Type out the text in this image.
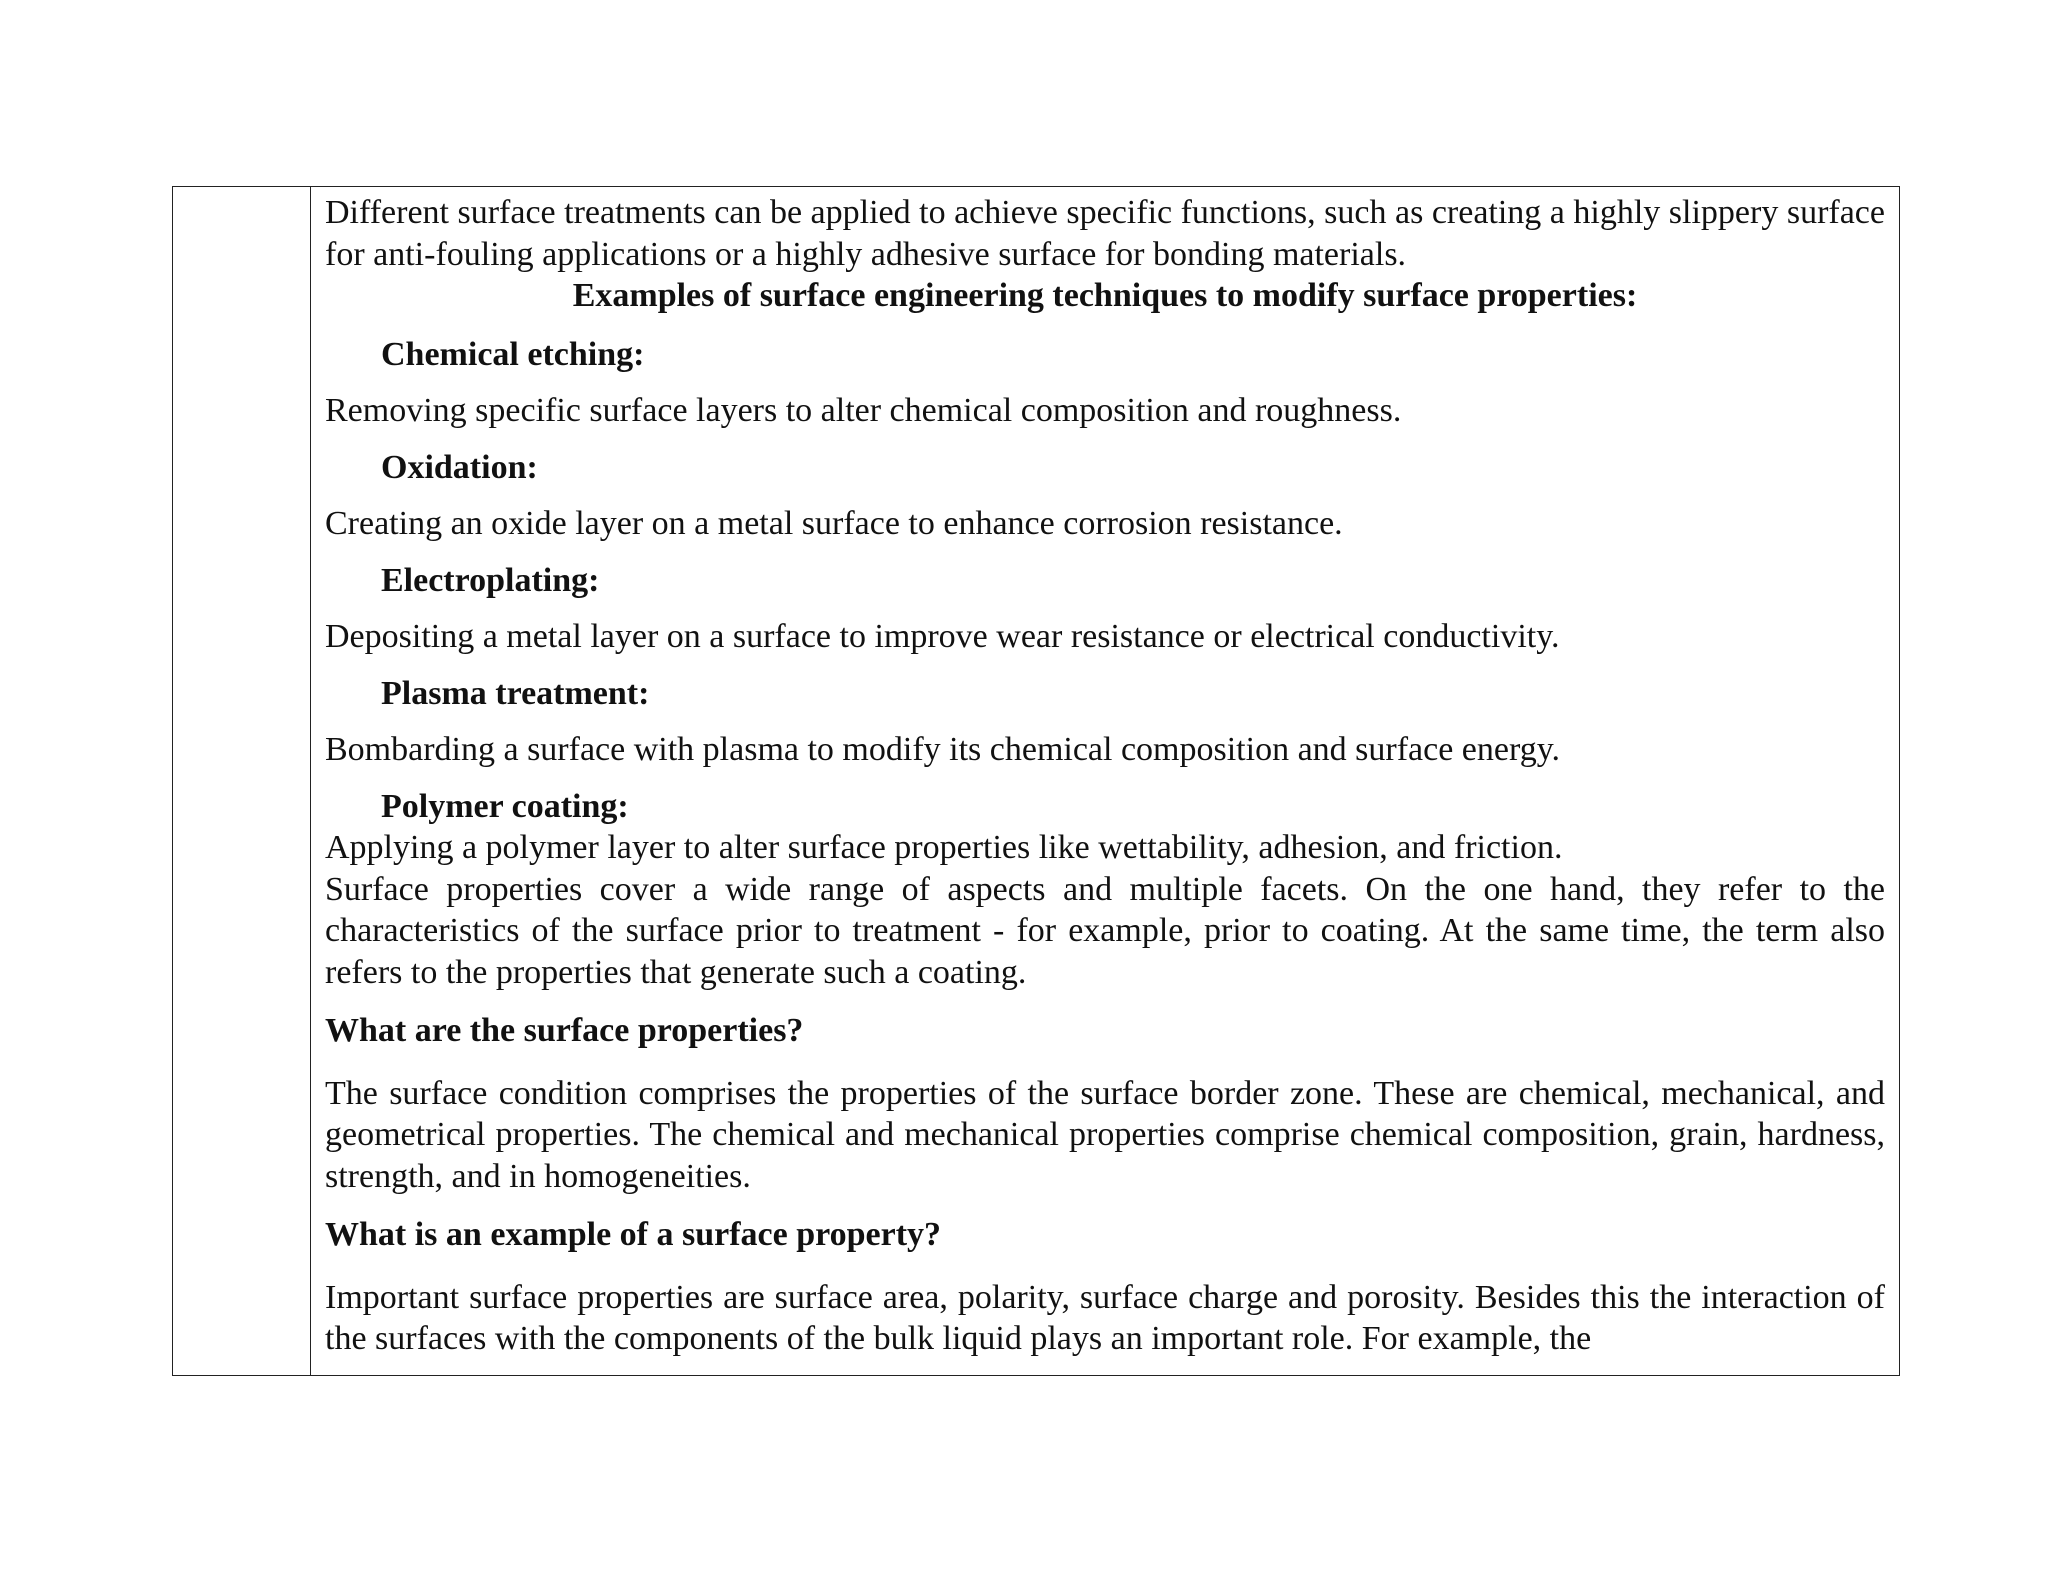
Different surface treatments can be applied to achieve specific functions, such as creating a highly slippery surface for anti-fouling applications or a highly adhesive surface for bonding materials.

Examples of surface engineering techniques to modify surface properties:

Chemical etching:

Removing specific surface layers to alter chemical composition and roughness.

Oxidation:

Creating an oxide layer on a metal surface to enhance corrosion resistance.

Electroplating:

Depositing a metal layer on a surface to improve wear resistance or electrical conductivity.

Plasma treatment:

Bombarding a surface with plasma to modify its chemical composition and surface energy.

Polymer coating:

Applying a polymer layer to alter surface properties like wettability, adhesion, and friction.

Surface properties cover a wide range of aspects and multiple facets. On the one hand, they refer to the characteristics of the surface prior to treatment - for example, prior to coating. At the same time, the term also refers to the properties that generate such a coating.

What are the surface properties?

The surface condition comprises the properties of the surface border zone. These are chemical, mechanical, and geometrical properties. The chemical and mechanical properties comprise chemical composition, grain, hardness, strength, and in homogeneities.

What is an example of a surface property?

Important surface properties are surface area, polarity, surface charge and porosity. Besides this the interaction of the surfaces with the components of the bulk liquid plays an important role. For example, the
